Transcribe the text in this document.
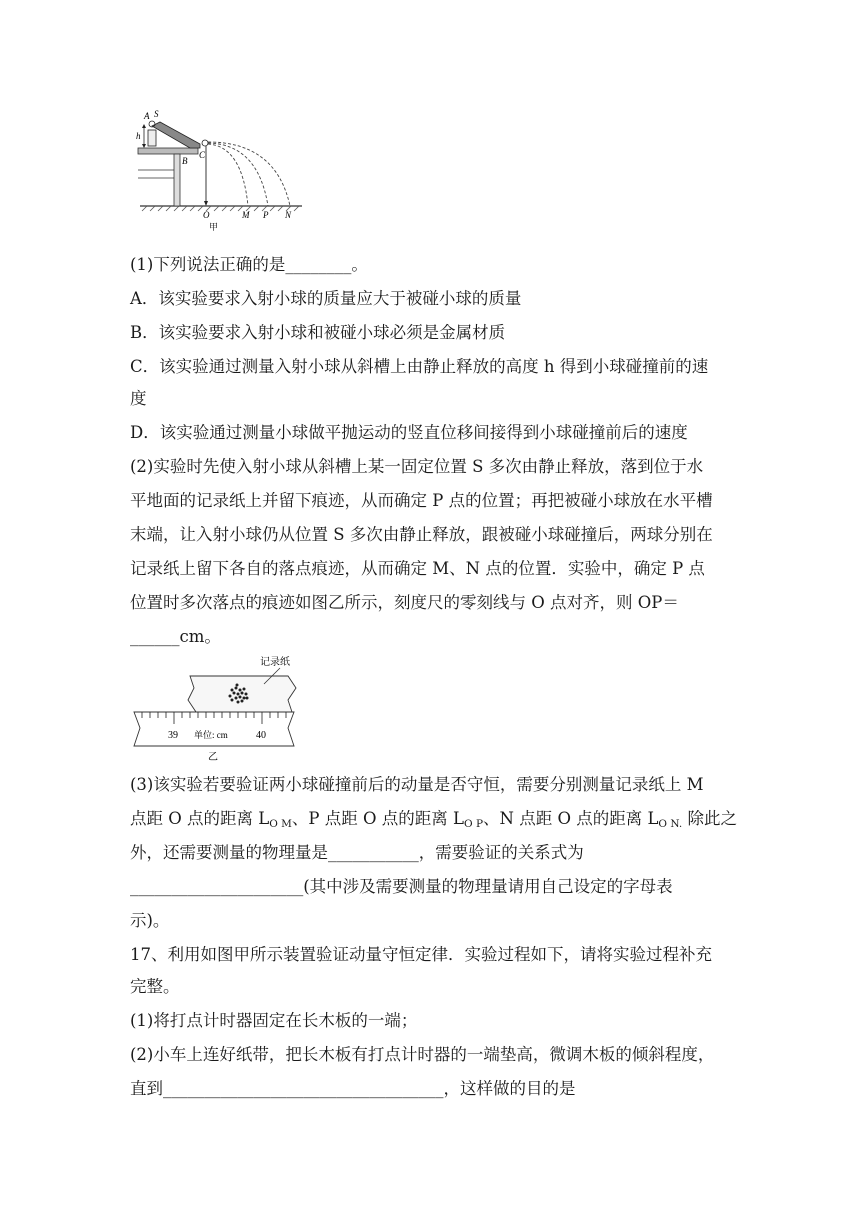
A S
h
B
C
O	M P N
甲
(1)下列说法正确的是________。
A．该实验要求入射小球的质量应大于被碰小球的质量
B．该实验要求入射小球和被碰小球必须是金属材质
C．该实验通过测量入射小球从斜槽上由静止释放的高度 h 得到小球碰撞前的速
度
D．该实验通过测量小球做平抛运动的竖直位移间接得到小球碰撞前后的速度
(2)实验时先使入射小球从斜槽上某一固定位置 S 多次由静止释放，落到位于水
平地面的记录纸上并留下痕迹，从而确定 P 点的位置；再把被碰小球放在水平槽
末端，让入射小球仍从位置 S 多次由静止释放，跟被碰小球碰撞后，两球分别在
记录纸上留下各自的落点痕迹，从而确定 M、N 点的位置．实验中，确定 P 点
位置时多次落点的痕迹如图乙所示，刻度尺的零刻线与 O 点对齐，则 OP＝
______cm。
记录纸
39 单位: cm	40
乙
(3)该实验若要验证两小球碰撞前后的动量是否守恒，需要分别测量记录纸上 M
点距 O 点的距离 $L_{O M}$、P 点距 O 点的距离 $L_{O P}$、N 点距 O 点的距离 $L_{O N.}$ 除此之
外，还需要测量的物理量是___________，需要验证的关系式为
_____________________(其中涉及需要测量的物理量请用自己设定的字母表
示)。
17、利用如图甲所示装置验证动量守恒定律．实验过程如下，请将实验过程补充
完整。
(1)将打点计时器固定在长木板的一端；
(2)小车上连好纸带，把长木板有打点计时器的一端垫高，微调木板的倾斜程度，
直到__________________________________，这样做的目的是
